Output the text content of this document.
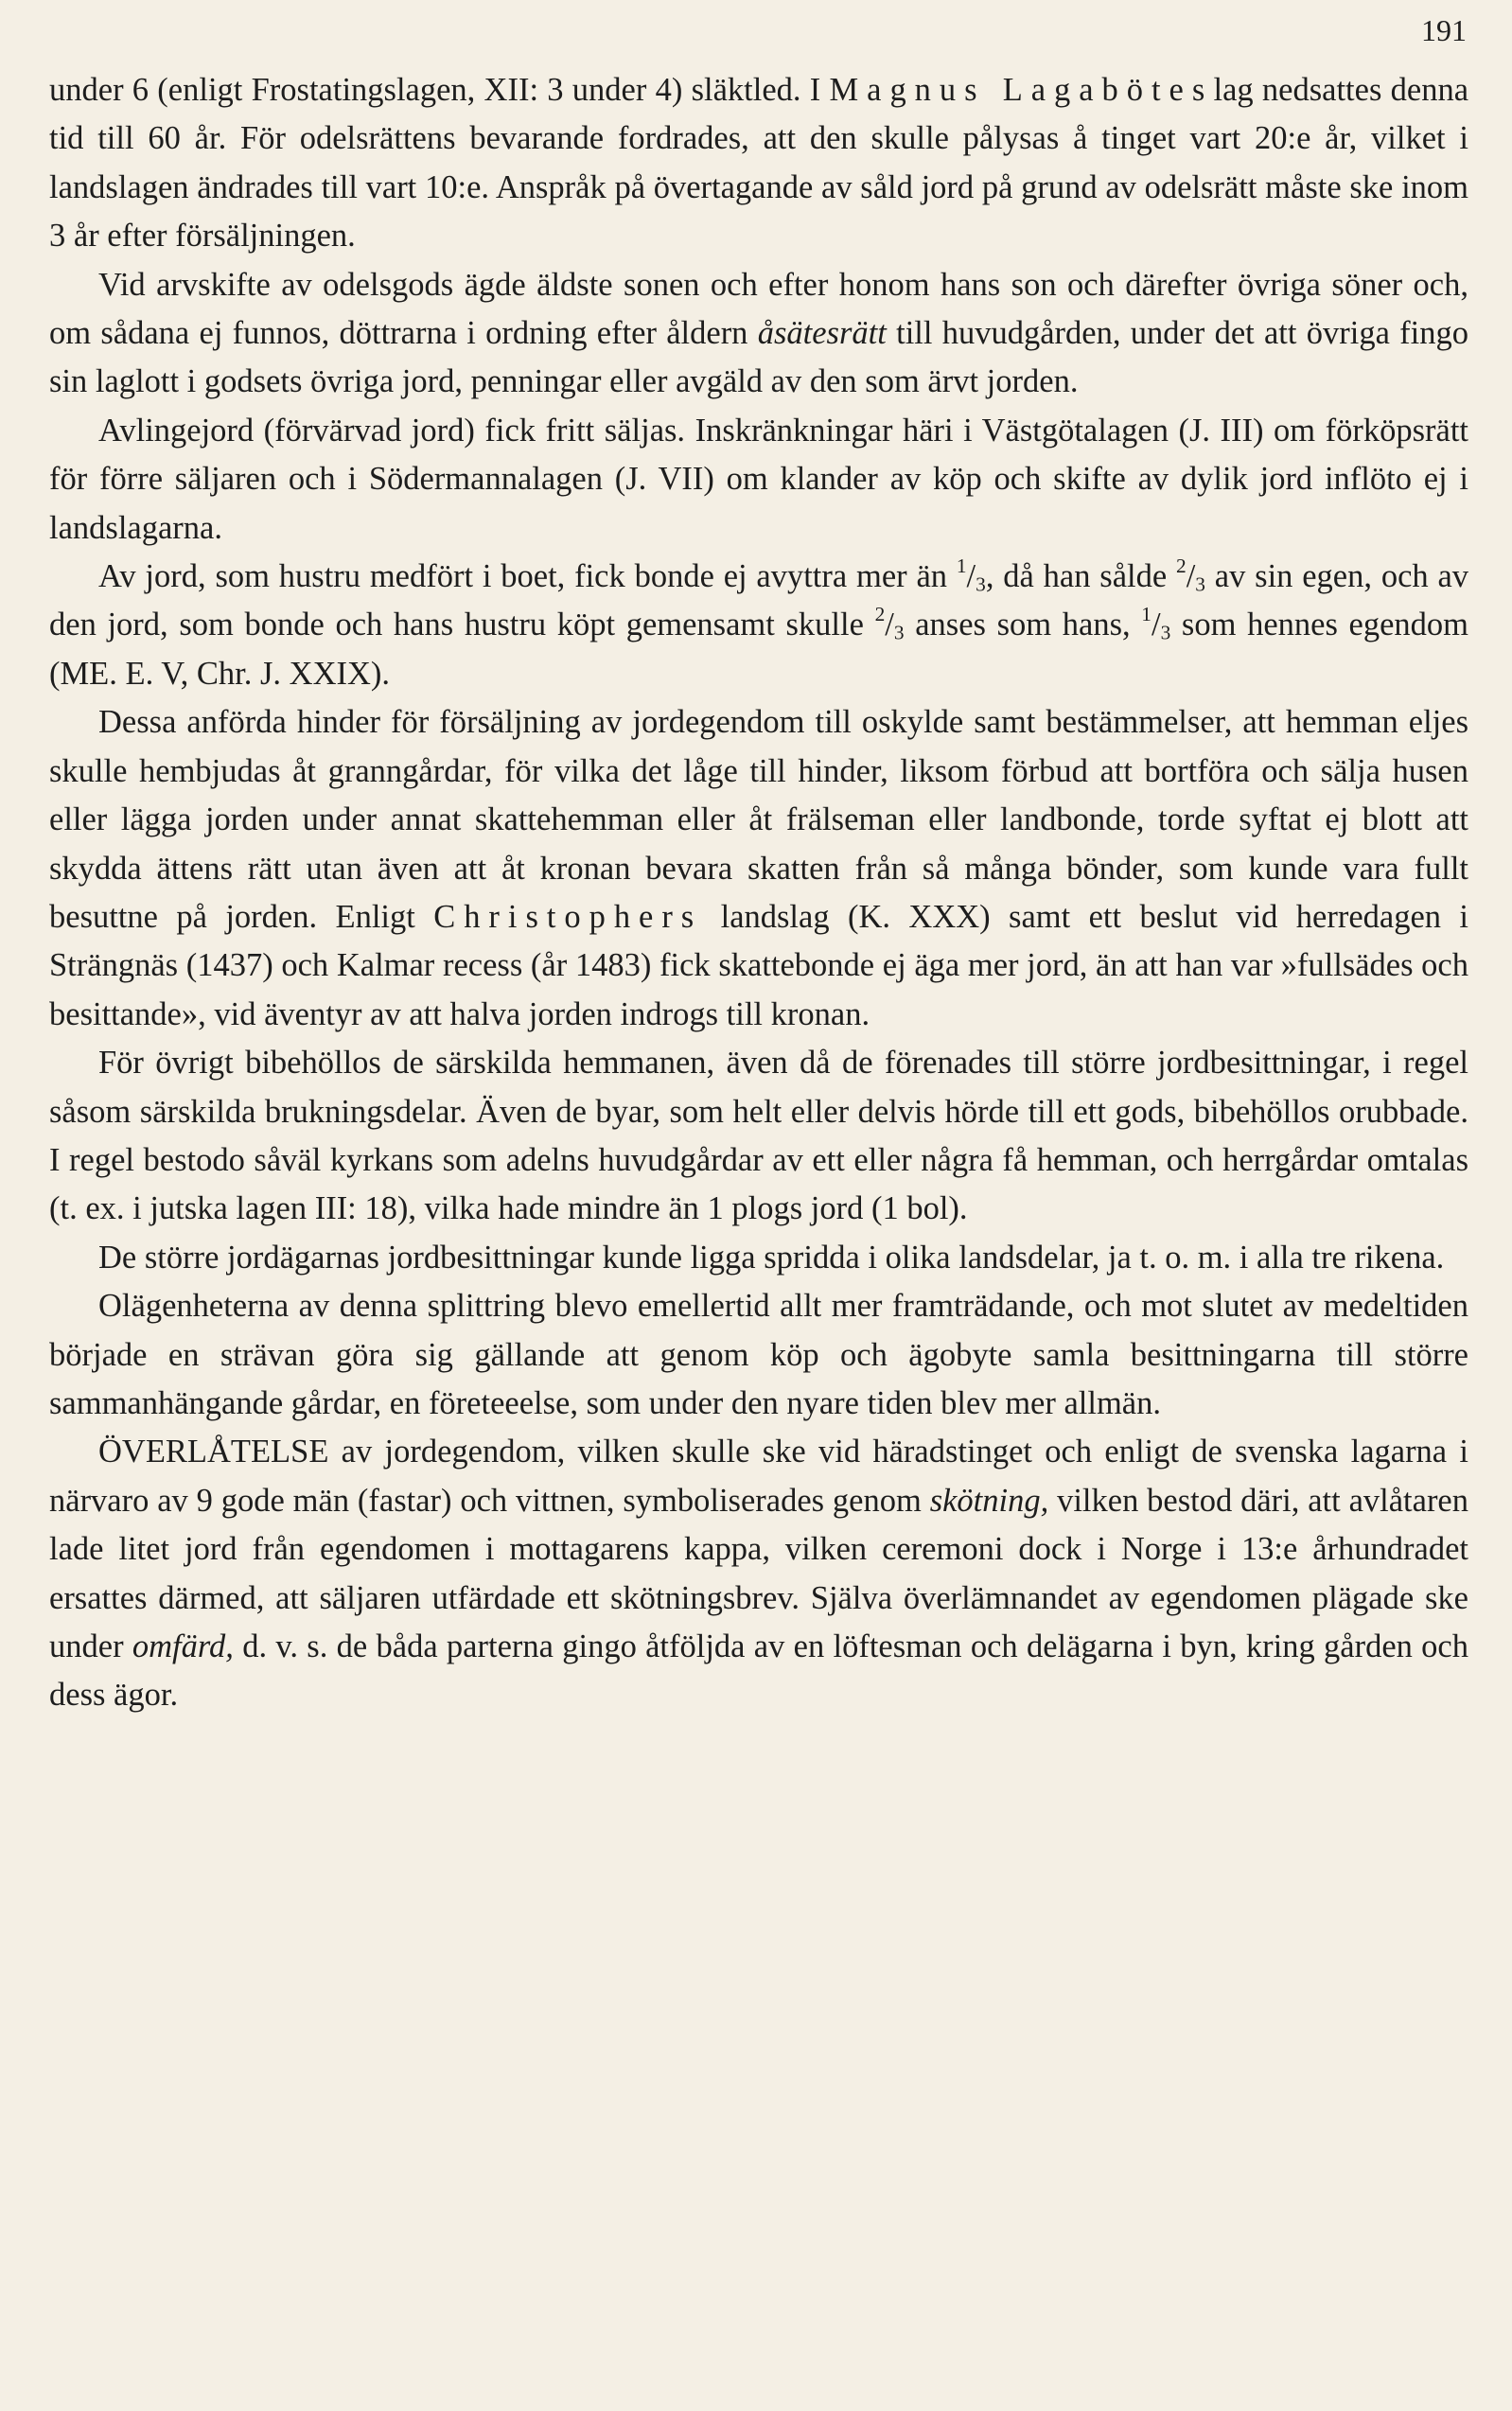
191

under 6 (enligt Frostatingslagen, XII: 3 under 4) släktled. I Magnus Lagabötes lag nedsattes denna tid till 60 år. För odelsrättens bevarande fordrades, att den skulle pålysas å tinget vart 20:e år, vilket i landslagen ändrades till vart 10:e. Anspråk på övertagande av såld jord på grund av odelsrätt måste ske inom 3 år efter försäljningen.

Vid arvskifte av odelsgods ägde äldste sonen och efter honom hans son och därefter övriga söner och, om sådana ej funnos, döttrarna i ordning efter åldern åsätesrätt till huvudgården, under det att övriga fingo sin laglott i godsets övriga jord, penningar eller avgäld av den som ärvt jorden.

Avlingejord (förvärvad jord) fick fritt säljas. Inskränkningar häri i Västgötalagen (J. III) om förköpsrätt för förre säljaren och i Södermannalagen (J. VII) om klander av köp och skifte av dylik jord inflöto ej i landslagarna.

Av jord, som hustru medfört i boet, fick bonde ej avyttra mer än $^1/_3$, då han sålde $^2/_3$ av sin egen, och av den jord, som bonde och hans hustru köpt gemensamt skulle $^2/_3$ anses som hans, $^1/_3$ som hennes egendom (ME. E. V, Chr. J. XXIX).

Dessa anförda hinder för försäljning av jordegendom till oskylde samt bestämmelser, att hemman eljes skulle hembjudas åt granngårdar, för vilka det låge till hinder, liksom förbud att bortföra och sälja husen eller lägga jorden under annat skattehemman eller åt frälseman eller landbonde, torde syftat ej blott att skydda ättens rätt utan även att åt kronan bevara skatten från så många bönder, som kunde vara fullt besuttne på jorden. Enligt Christophers landslag (K. XXX) samt ett beslut vid herredagen i Strängnäs (1437) och Kalmar recess (år 1483) fick skattebonde ej äga mer jord, än att han var »fullsädes och besittande», vid äventyr av att halva jorden indrogs till kronan.

För övrigt bibehöllos de särskilda hemmanen, även då de förenades till större jordbesittningar, i regel såsom särskilda brukningsdelar. Även de byar, som helt eller delvis hörde till ett gods, bibehöllos orubbade. I regel bestodo såväl kyrkans som adelns huvudgårdar av ett eller några få hemman, och herrgårdar omtalas (t. ex. i jutska lagen III: 18), vilka hade mindre än 1 plogs jord (1 bol).

De större jordägarnas jordbesittningar kunde ligga spridda i olika landsdelar, ja t. o. m. i alla tre rikena.

Olägenheterna av denna splittring blevo emellertid allt mer framträdande, och mot slutet av medeltiden började en strävan göra sig gällande att genom köp och ägobyte samla besittningarna till större sammanhängande gårdar, en företeeelse, som under den nyare tiden blev mer allmän.

ÖVERLÅTELSE av jordegendom, vilken skulle ske vid häradstinget och enligt de svenska lagarna i närvaro av 9 gode män (fastar) och vittnen, symboliserades genom skötning, vilken bestod däri, att avlåtaren lade litet jord från egendomen i mottagarens kappa, vilken ceremoni dock i Norge i 13:e århundradet ersattes därmed, att säljaren utfärdade ett skötningsbrev. Själva överlämnandet av egendomen plägade ske under omfärd, d. v. s. de båda parterna gingo åtföljda av en löftesman och delägarna i byn, kring gården och dess ägor.
